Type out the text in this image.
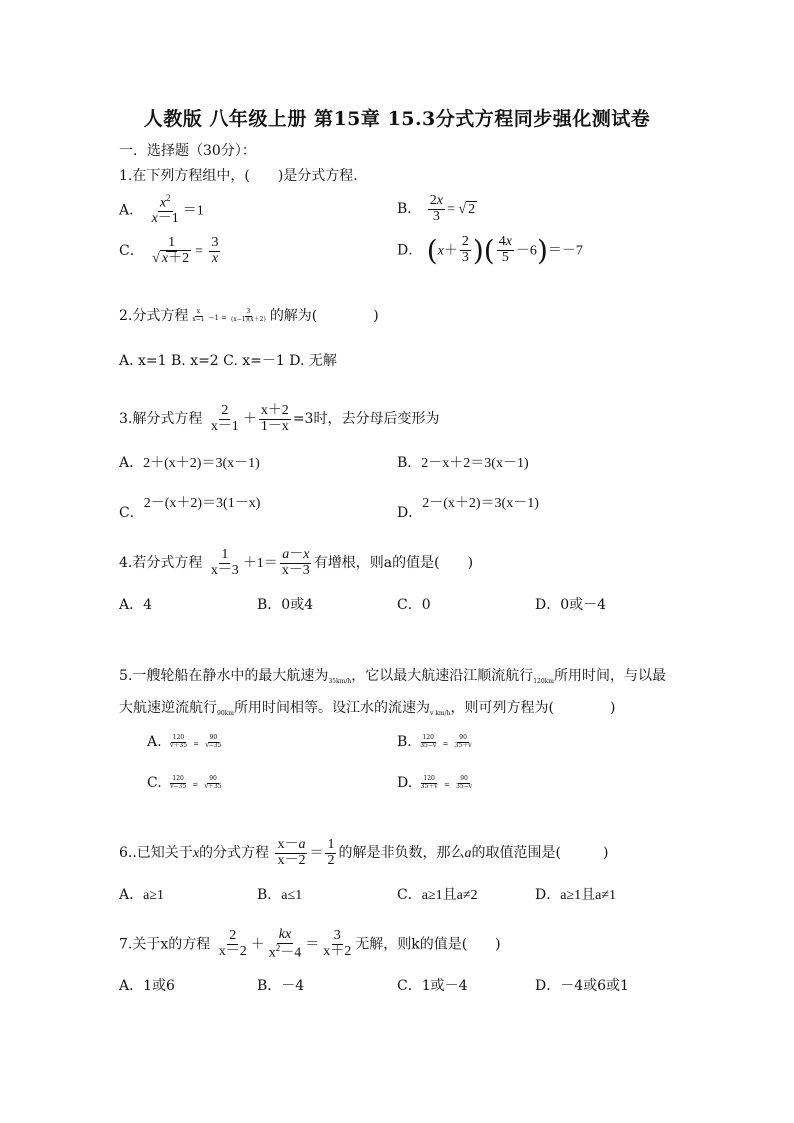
人教版 八年级上册 第15章 15.3分式方程同步强化测试卷
一．选择题（30分）：
1.在下列方程组中，(　　)是分式方程．
A． $\frac{x^2}{x-1} =1$	B． $\frac{2x}{3}$ = √ 2
C． $\frac{1}{√ x+2} = \frac{3}{x}$	D． ($x+ \frac{2}{3}$ )( $\frac{4x}{5} -6)=-7$
2.分式方程 $\frac{x}{x-1} -1 = \frac{3}{(x-1)(x+2)}$ 的解为(　　　　)
A. x=1 B. x=2 C. x=－1 D. 无解
3.解分式方程 $\frac{2}{x-1} + \frac{x+2}{1-x} =3$时，去分母后变形为
A．2＋(x＋2)＝3(x－1)	B．2－x＋2＝3(x－1)
C．2－(x＋2)＝3(1－x)
D．2－(x＋2)＝3(x－1)
4.若分式方程 $\frac{1}{x-3} +1= \frac{a-x}{x-3}$ 有增根，则a的值是(　　)
A．4	B．0或4	C．0	D．0或－4
5.一艘轮船在静水中的最大航速为$_{35km/h}$，它以最大航速沿江顺流航行$_{120km}$所用时间，与以最
大航速逆流航行$_{90km}$所用时间相等。设江水的流速为$_{v km/h}$，则可列方程为(　　　　)
A. $\frac{120}{v+35} = \frac{90}{v-35}$	B. $\frac{120}{35-v} = \frac{90}{35+v}$
C. $\frac{120}{v-35} = \frac{90}{v+35}$	D. $\frac{120}{35+v} = \frac{90}{35-v}$
6..已知关于x的分式方程 $\frac{x-a}{x-2} = \frac{1}{2}$ 的解是非负数，那么a的取值范围是(　　　)
A．a≥1	B．a≤1	C．a≥1且a≠2	D．a≥1且a≠1
7.关于x的方程 $\frac{2}{x-2} + \frac{kx}{x^2-4} = \frac{3}{x+2}$ 无解，则k的值是(　　)
A．1或6	B．－4	C．1或－4	D．－4或6或1
